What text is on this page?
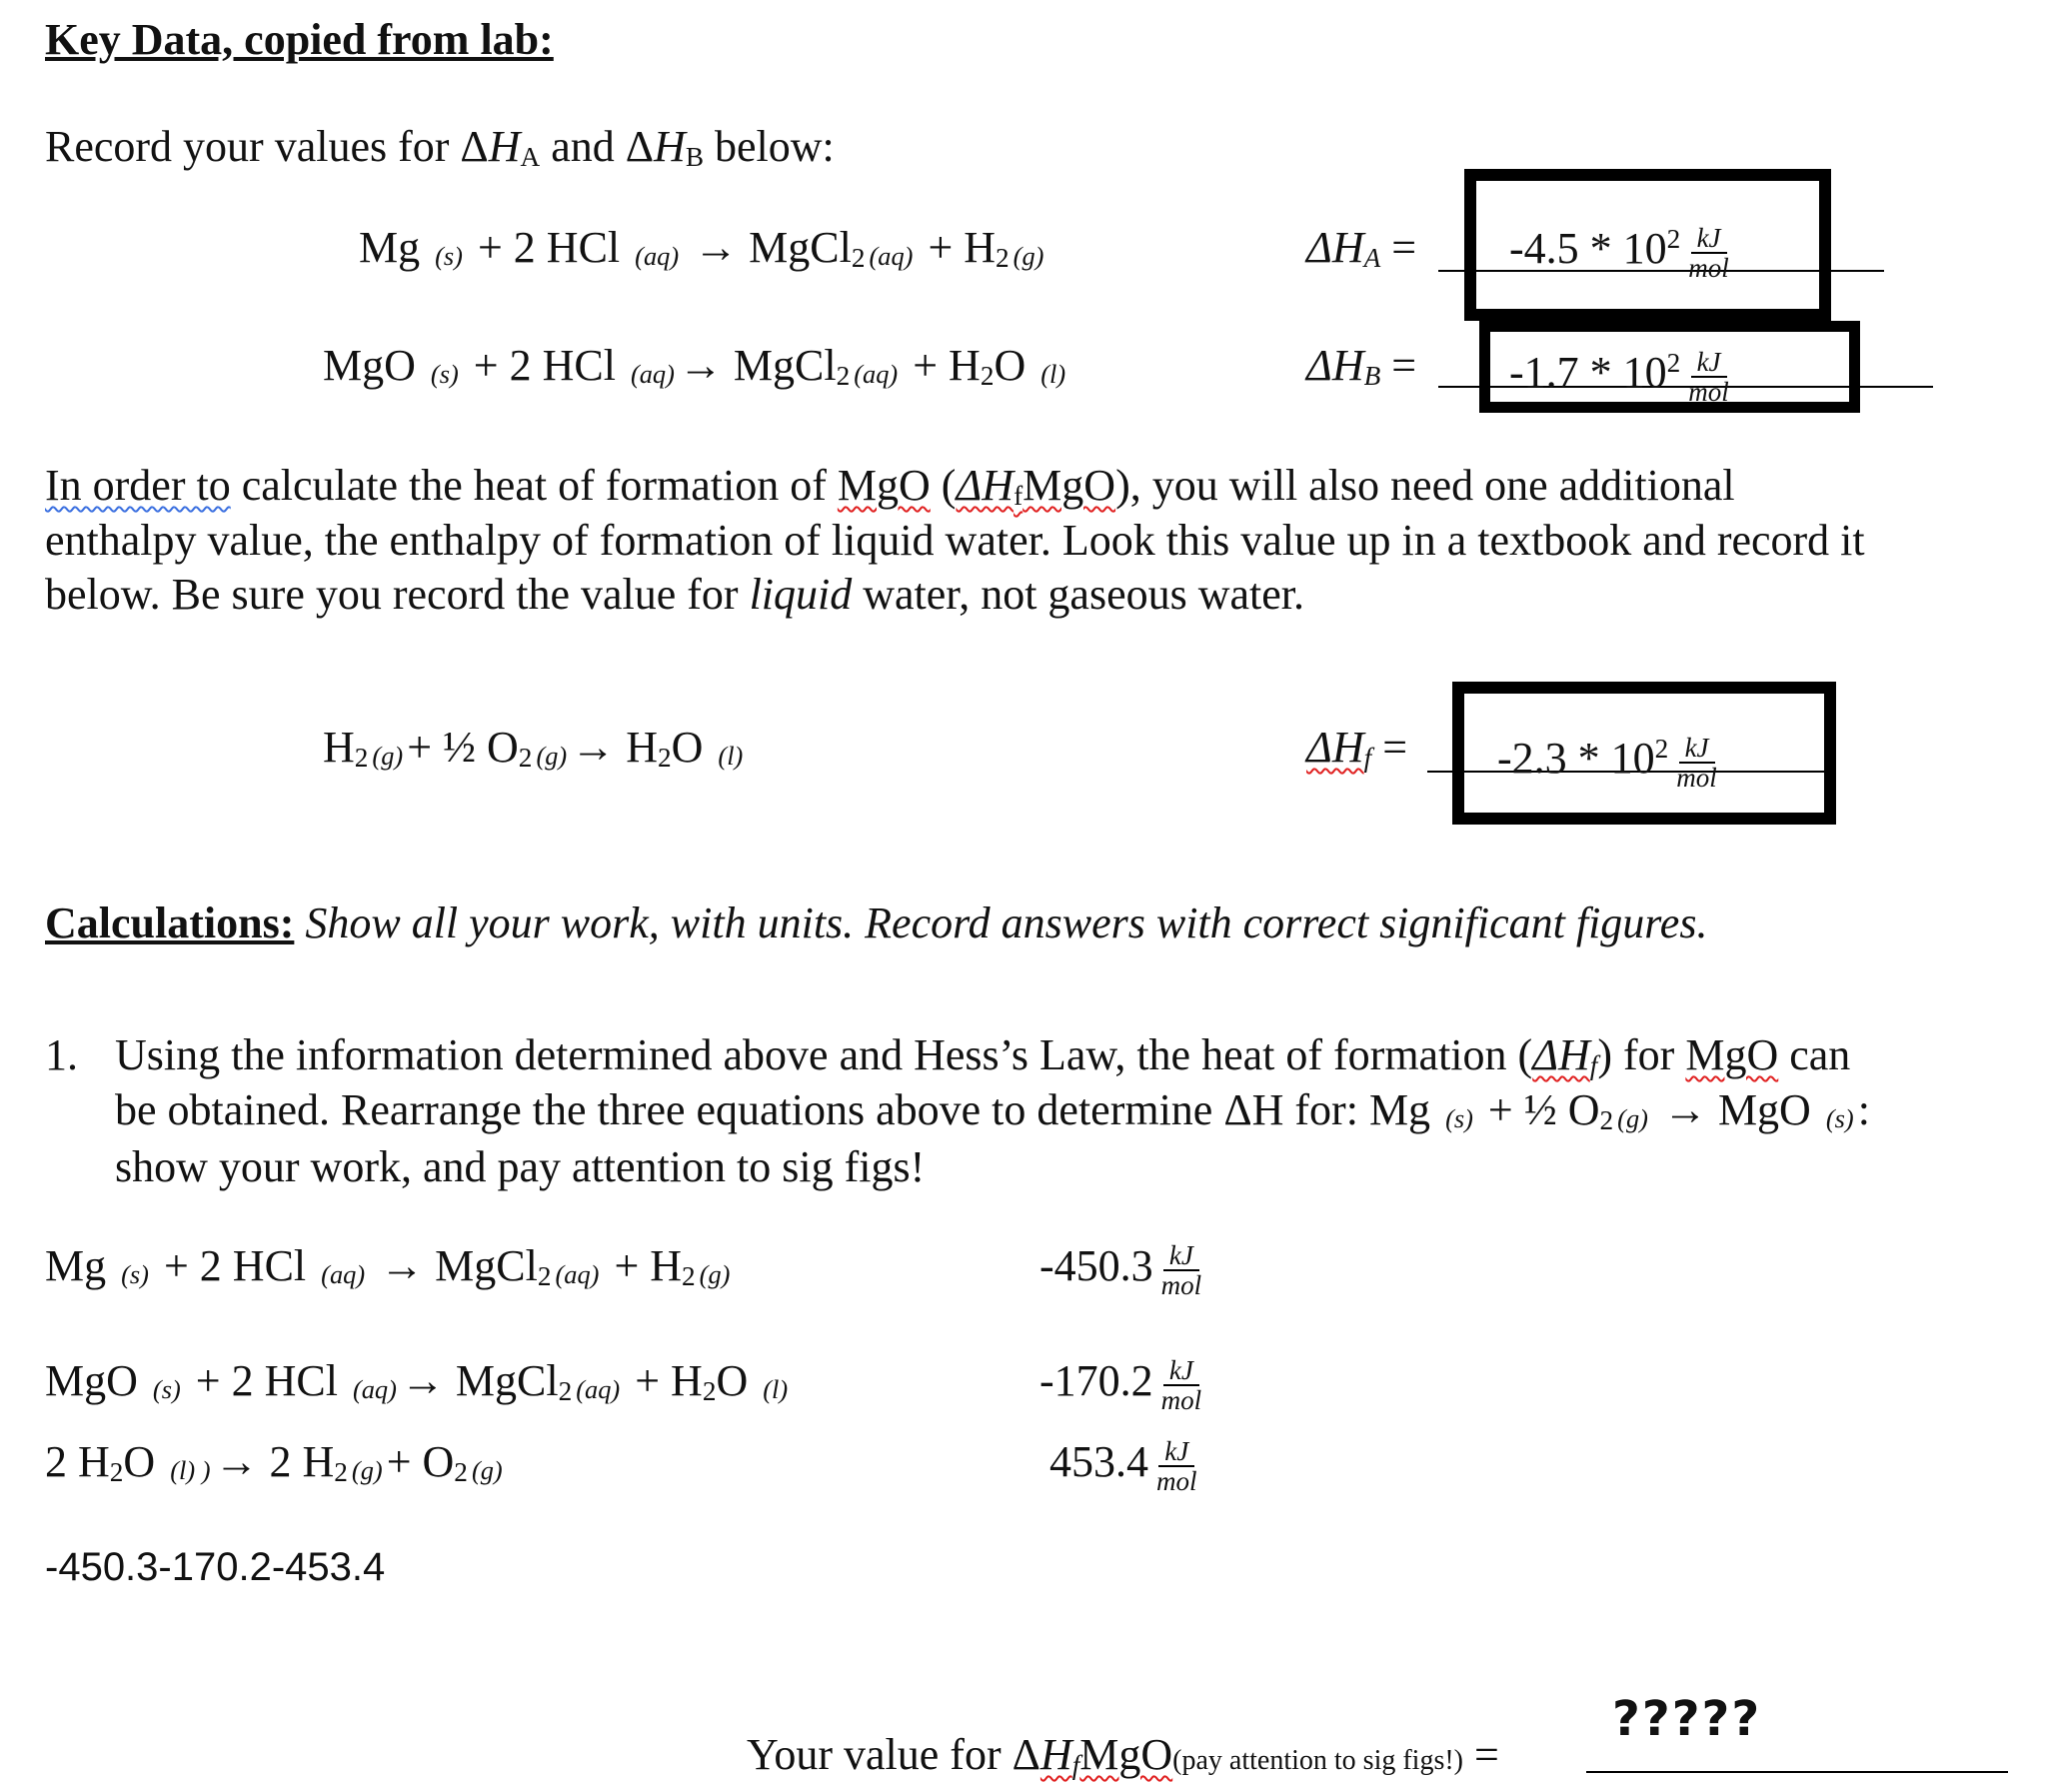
Key Data, copied from lab:
Record your values for ΔHA and ΔHB below:
Mg (s) + 2 HCl (aq) → MgCl2 (aq) + H2 (g)	$\Delta HA = -4.5 * 10^2 \frac{kJ}{\text{mol}}$
MgO (s) + 2 HCl (aq)→ MgCl2 (aq) + H2O (l)	$\Delta HB = -1.7 * 10^2 \frac{kJ}{\text{mol}}$
In order to calculate the heat of formation of MgO (ΔHfMgO), you will also need one additional
enthalpy value, the enthalpy of formation of liquid water. Look this value up in a textbook and record it
below. Be sure you record the value for liquid water, not gaseous water.
H2 (g)+ ½ O2 (g)→ H2O (l)	$\Delta Hf = -2.3 * 10^2 \frac{kJ}{\text{mol}}$
Calculations: Show all your work, with units. Record answers with correct significant figures.
1. Using the information determined above and Hess’s Law, the heat of formation (ΔHf) for MgO can
be obtained. Rearrange the three equations above to determine ΔH for: Mg (s) + ½ O2 (g) → MgO (s):
show your work, and pay attention to sig figs!
Mg (s) + 2 HCl (aq) → MgCl2 (aq) + H2 (g)	$-450.3 \frac{kJ}{\text{mol}}$
MgO (s) + 2 HCl (aq)→ MgCl2 (aq) + H2O (l)	$-170.2 \frac{kJ}{\text{mol}}$
2 H2O (l) )→ 2 H2 (g)+ O2 (g)	$453.4 \frac{kJ}{\text{mol}}$
-450.3-170.2-453.4
Your value for ΔHfMgO(pay attention to sig figs!) =
?????
